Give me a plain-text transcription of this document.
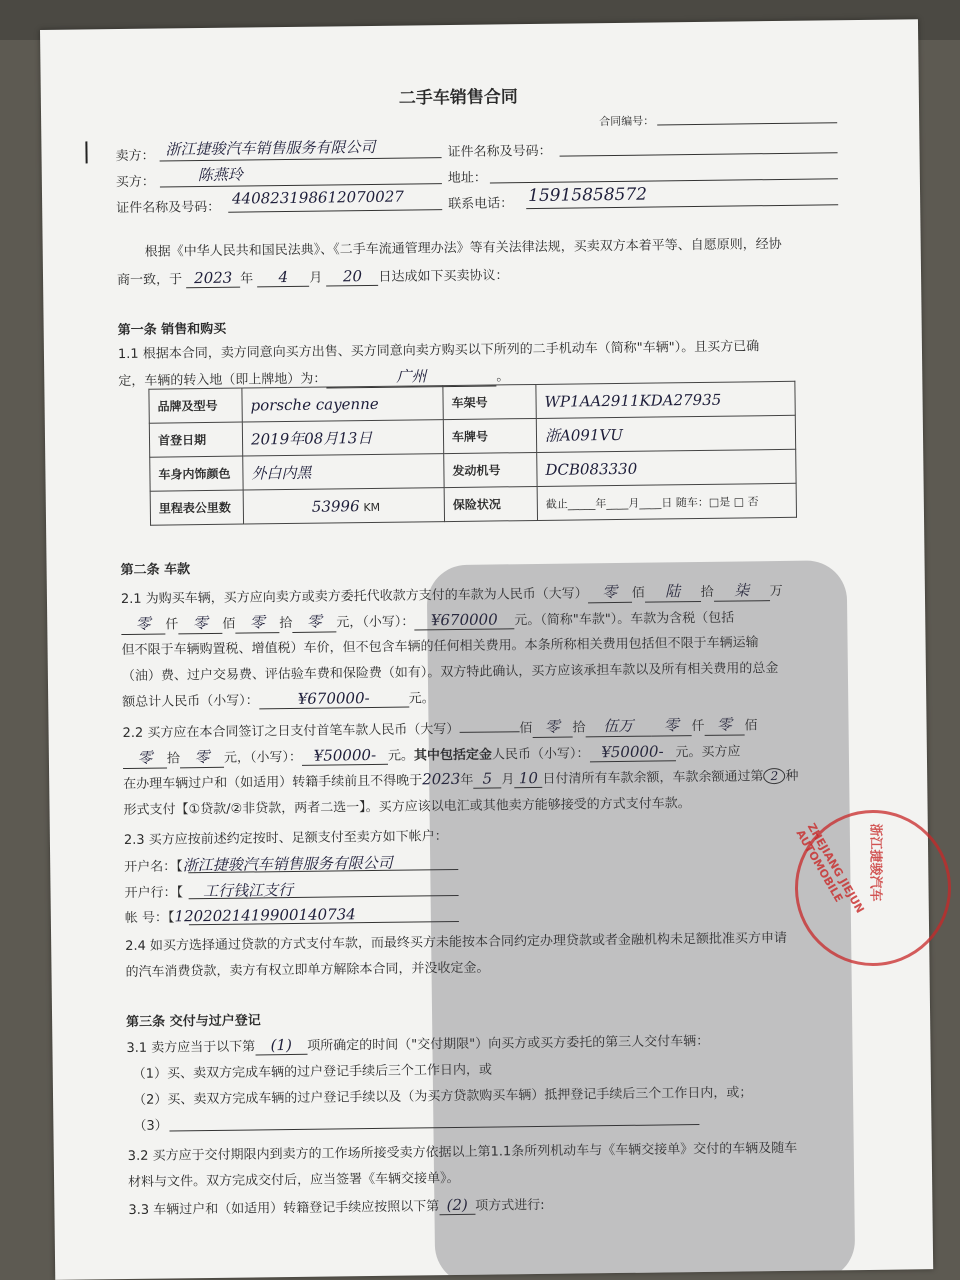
二手车销售合同
合同编号：
卖方： 浙江捷骏汽车销售服务有限公司	证件名称及号码：
买方：	陈燕玲	地址：
证件名称及号码：
440823198612070027	联系电话： 15915858572
根据《中华人民共和国民法典》、《二手车流通管理办法》等有关法律法规，买卖双方本着平等、自愿原则，经协
商一致，于 2023 年 4 月 20 日达成如下买卖协议：
第一条 销售和购买
1.1 根据本合同，卖方同意向买方出售、买方同意向卖方购买以下所列的二手机动车（简称"车辆"）。且买方已确
定，车辆的转入地（即上牌地）为：	广州	。
品牌及型号	porsche cayenne	车架号	WP1AA2911KDA27935
首登日期	2019年08月13日	车牌号	浙A091VU
车身内饰颜色	外白内黑	发动机号	DCB083330
里程表公里数	53996 KM	保险状况	截止_____年____月____日 随车：□是 □ 否
第二条 车款
2.1 为购买车辆，买方应向卖方或卖方委托代收款方支付的车款为人民币（大写） 零 佰 陆 拾 柒 万
零 仟 零 佰 零 拾 零 元，（小写）： ¥670000 元。（简称"车款"）。车款为含税（包括
但不限于车辆购置税、增值税）车价，但不包含车辆的任何相关费用。本条所称相关费用包括但不限于车辆运输
（油）费、过户交易费、评估验车费和保险费（如有）。双方特此确认，买方应该承担车款以及所有相关费用的总金
额总计人民币（小写）：	¥670000-	元。
2.2 买方应在本合同签订之日支付首笔车款人民币（大写）	佰 零 拾 伍万 零 仟 零 佰
零 拾 零 元，（小写）： ¥50000- 元。其中包括定金人民币（小写）： ¥50000- 元。买方应
在办理车辆过户和（如适用）转籍手续前且不得晚于2023年 5 月 10 日付清所有车款余额，车款余额通过第 2 种
形式支付【①贷款/②非贷款，两者二选一】。买方应该以电汇或其他卖方能够接受的方式支付车款。
2.3 买方应按前述约定按时、足额支付至卖方如下帐户：
开户名：【浙江捷骏汽车销售服务有限公司
开户行：【 工行钱江支行
帐 号：【1202021419900140734
2.4 如买方选择通过贷款的方式支付车款，而最终买方未能按本合同约定办理贷款或者金融机构未足额批准买方申请
的汽车消费贷款，卖方有权立即单方解除本合同，并没收定金。
第三条 交付与过户登记
3.1 卖方应当于以下第 (1) 项所确定的时间（"交付期限"）向买方或买方委托的第三人交付车辆：
（1）买、卖双方完成车辆的过户登记手续后三个工作日内，或
（2）买、卖双方完成车辆的过户登记手续以及（为买方贷款购买车辆）抵押登记手续后三个工作日内，或；
（3）
3.2 买方应于交付期限内到卖方的工作场所接受卖方依据以上第1.1条所列机动车与《车辆交接单》交付的车辆及随车
材料与文件。双方完成交付后，应当签署《车辆交接单》。
3.3 车辆过户和（如适用）转籍登记手续应按照以下第 (2) 项方式进行:
ZHEJIANG JIEJUN AUTOMOBILE	浙江捷骏汽车
